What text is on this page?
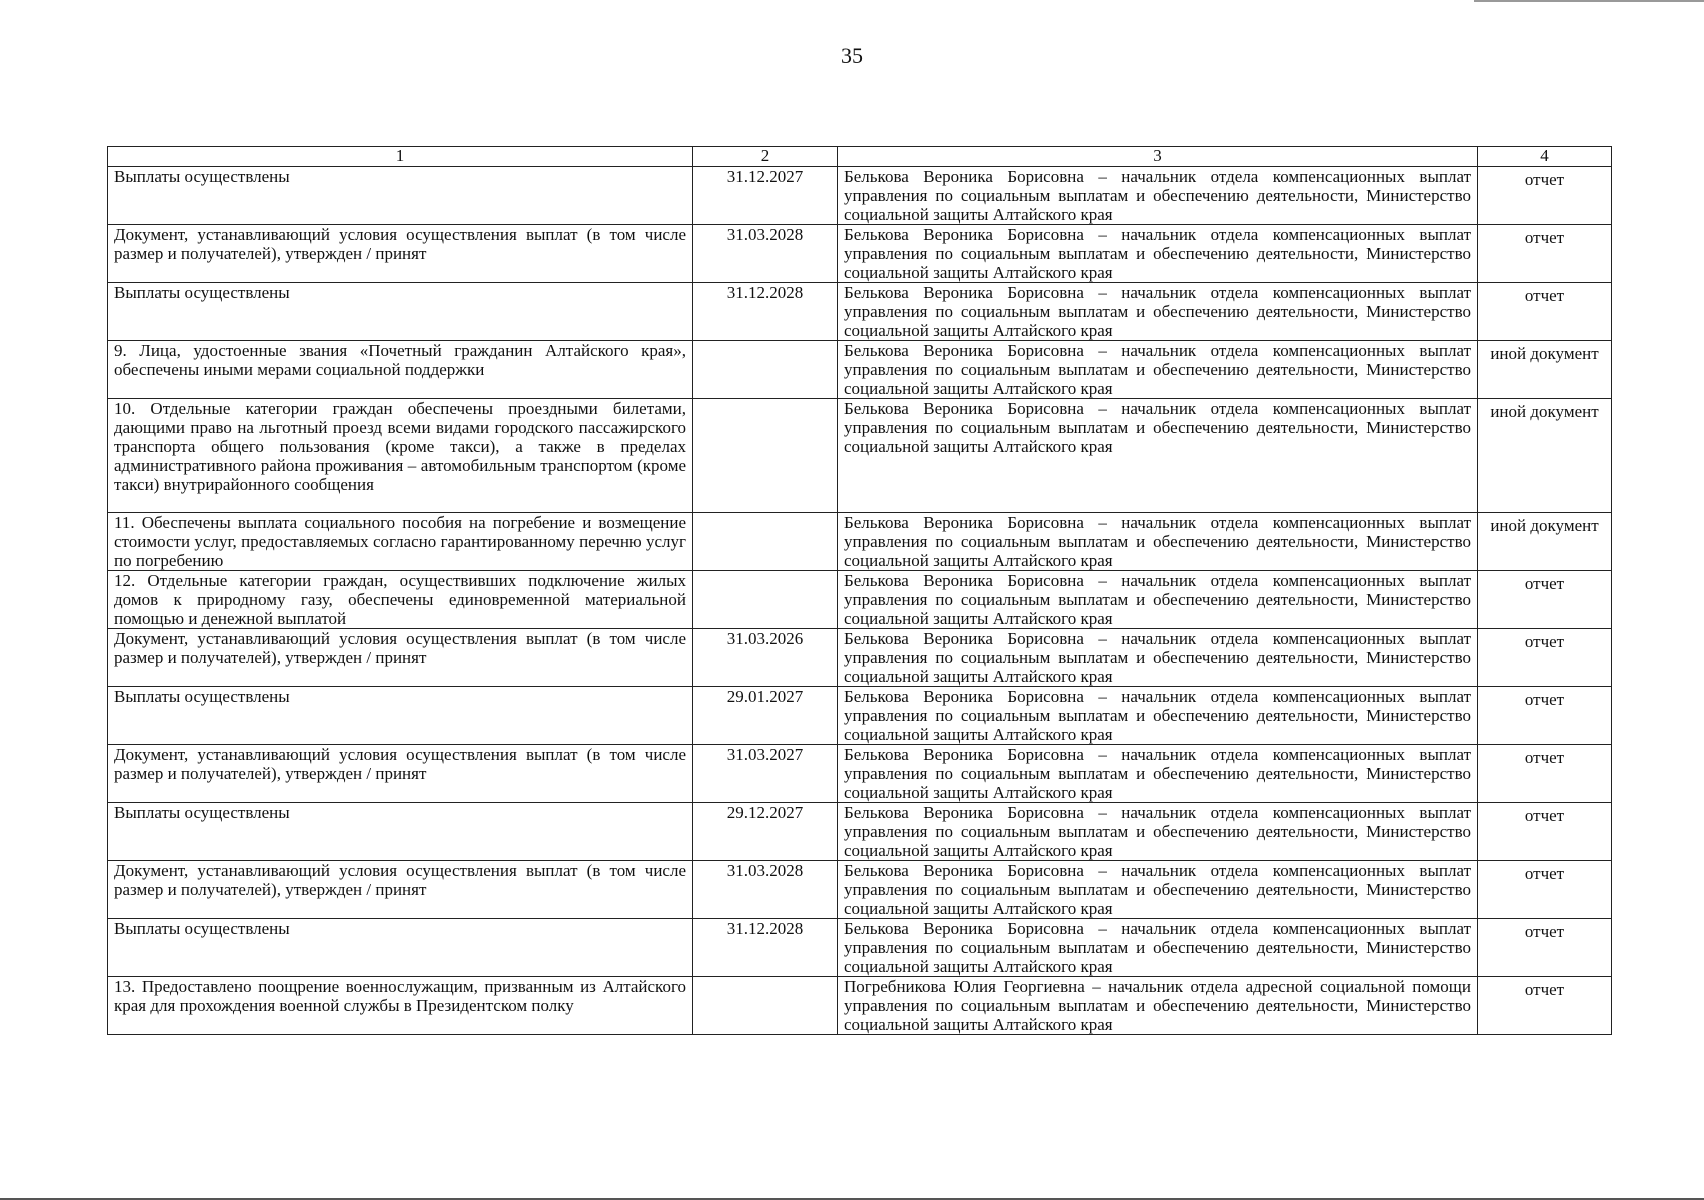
35
1	2	3	4
Выплаты осуществлены	31.12.2027	Белькова Вероника Борисовна – начальник отдела компенсационных выплат управления по социальным выплатам и обеспечению деятельности, Министерство социальной защиты Алтайского края	отчет
Документ, устанавливающий условия осуществления выплат (в том числе размер и получателей), утвержден / принят	31.03.2028	Белькова Вероника Борисовна – начальник отдела компенсационных выплат управления по социальным выплатам и обеспечению деятельности, Министерство социальной защиты Алтайского края	отчет
Выплаты осуществлены	31.12.2028	Белькова Вероника Борисовна – начальник отдела компенсационных выплат управления по социальным выплатам и обеспечению деятельности, Министерство социальной защиты Алтайского края	отчет
9. Лица, удостоенные звания «Почетный гражданин Алтайского края», обеспечены иными мерами социальной поддержки		Белькова Вероника Борисовна – начальник отдела компенсационных выплат управления по социальным выплатам и обеспечению деятельности, Министерство социальной защиты Алтайского края	иной документ
10. Отдельные категории граждан обеспечены проездными билетами, дающими право на льготный проезд всеми видами городского пассажирского транспорта общего пользования (кроме такси), а также в пределах административного района проживания – автомобильным транспортом (кроме такси) внутрирайонного сообщения		Белькова Вероника Борисовна – начальник отдела компенсационных выплат управления по социальным выплатам и обеспечению деятельности, Министерство социальной защиты Алтайского края	иной документ
11. Обеспечены выплата социального пособия на погребение и возмещение стоимости услуг, предоставляемых согласно гарантированному перечню услуг по погребению		Белькова Вероника Борисовна – начальник отдела компенсационных выплат управления по социальным выплатам и обеспечению деятельности, Министерство социальной защиты Алтайского края	иной документ
12. Отдельные категории граждан, осуществивших подключение жилых домов к природному газу, обеспечены единовременной материальной помощью и денежной выплатой		Белькова Вероника Борисовна – начальник отдела компенсационных выплат управления по социальным выплатам и обеспечению деятельности, Министерство социальной защиты Алтайского края	отчет
Документ, устанавливающий условия осуществления выплат (в том числе размер и получателей), утвержден / принят	31.03.2026	Белькова Вероника Борисовна – начальник отдела компенсационных выплат управления по социальным выплатам и обеспечению деятельности, Министерство социальной защиты Алтайского края	отчет
Выплаты осуществлены	29.01.2027	Белькова Вероника Борисовна – начальник отдела компенсационных выплат управления по социальным выплатам и обеспечению деятельности, Министерство социальной защиты Алтайского края	отчет
Документ, устанавливающий условия осуществления выплат (в том числе размер и получателей), утвержден / принят	31.03.2027	Белькова Вероника Борисовна – начальник отдела компенсационных выплат управления по социальным выплатам и обеспечению деятельности, Министерство социальной защиты Алтайского края	отчет
Выплаты осуществлены	29.12.2027	Белькова Вероника Борисовна – начальник отдела компенсационных выплат управления по социальным выплатам и обеспечению деятельности, Министерство социальной защиты Алтайского края	отчет
Документ, устанавливающий условия осуществления выплат (в том числе размер и получателей), утвержден / принят	31.03.2028	Белькова Вероника Борисовна – начальник отдела компенсационных выплат управления по социальным выплатам и обеспечению деятельности, Министерство социальной защиты Алтайского края	отчет
Выплаты осуществлены	31.12.2028	Белькова Вероника Борисовна – начальник отдела компенсационных выплат управления по социальным выплатам и обеспечению деятельности, Министерство социальной защиты Алтайского края	отчет
13. Предоставлено поощрение военнослужащим, призванным из Алтайского края для прохождения военной службы в Президентском полку		Погребникова Юлия Георгиевна – начальник отдела адресной социальной помощи управления по социальным выплатам и обеспечению деятельности, Министерство социальной защиты Алтайского края	отчет
